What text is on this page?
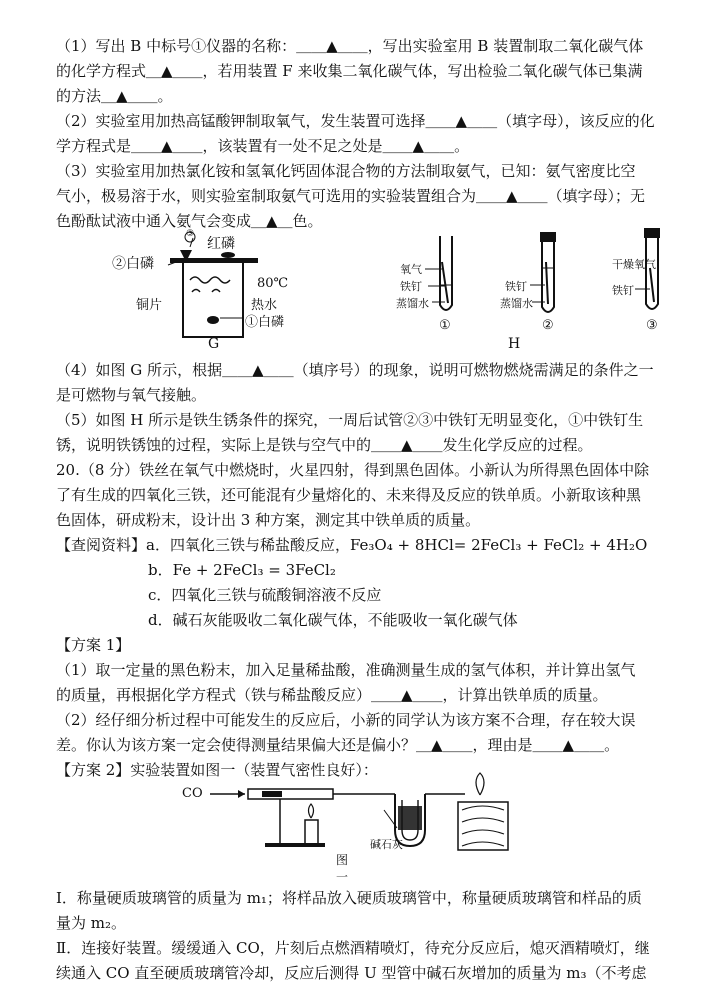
（1）写出 B 中标号①仪器的名称：＿＿▲＿＿，写出实验室用 B 装置制取二氧化碳气体
的化学方程式＿▲＿＿，若用装置 F 来收集二氧化碳气体，写出检验二氧化碳气体已集满
的方法＿▲＿＿。
（2）实验室用加热高锰酸钾制取氧气，发生装置可选择＿＿▲＿＿（填字母），该反应的化
学方程式是＿＿▲＿＿，该装置有一处不足之处是＿＿▲＿＿。
（3）实验室用加热氯化铵和氢氧化钙固体混合物的方法制取氨气，已知：氨气密度比空
气小，极易溶于水，则实验室制取氨气可选用的实验装置组合为＿＿▲＿＿（填字母）；无
色酚酞试液中通入氨气会变成＿▲＿色。
③
红磷
②白磷
80℃
热水
铜片
①白磷
G
氧气
铁钉
蒸馏水
①
铁钉
蒸馏水
②
干燥氧气
铁钉
③
H
（4）如图 G 所示，根据＿＿▲＿＿（填序号）的现象，说明可燃物燃烧需满足的条件之一
是可燃物与氧气接触。
（5）如图 H 所示是铁生锈条件的探究，一周后试管②③中铁钉无明显变化，①中铁钉生
锈，说明铁锈蚀的过程，实际上是铁与空气中的＿＿▲＿＿发生化学反应的过程。
20.（8 分）铁丝在氧气中燃烧时，火星四射，得到黑色固体。小新认为所得黑色固体中除
了有生成的四氧化三铁，还可能混有少量熔化的、未来得及反应的铁单质。小新取该种黑
色固体，研成粉末，设计出 3 种方案，测定其中铁单质的质量。
【查阅资料】a．四氧化三铁与稀盐酸反应，Fe₃O₄ + 8HCl= 2FeCl₃ + FeCl₂ + 4H₂O
b．Fe + 2FeCl₃ = 3FeCl₂
c．四氧化三铁与硫酸铜溶液不反应
d．碱石灰能吸收二氧化碳气体，不能吸收一氧化碳气体
【方案 1】
（1）取一定量的黑色粉末，加入足量稀盐酸，准确测量生成的氢气体积，并计算出氢气
的质量，再根据化学方程式（铁与稀盐酸反应）＿＿▲＿＿，计算出铁单质的质量。
（2）经仔细分析过程中可能发生的反应后，小新的同学认为该方案不合理，存在较大误
差。你认为该方案一定会使得测量结果偏大还是偏小？＿▲＿＿，理由是＿＿▲＿＿。
【方案 2】实验装置如图一（装置气密性良好）：
CO
碱石灰
图一
Ⅰ．称量硬质玻璃管的质量为 m₁；将样品放入硬质玻璃管中，称量硬质玻璃管和样品的质
量为 m₂。
Ⅱ．连接好装置。缓缓通入 CO，片刻后点燃酒精喷灯，待充分反应后，熄灭酒精喷灯，继
续通入 CO 直至硬质玻璃管冷却，反应后测得 U 型管中碱石灰增加的质量为 m₃（不考虑
